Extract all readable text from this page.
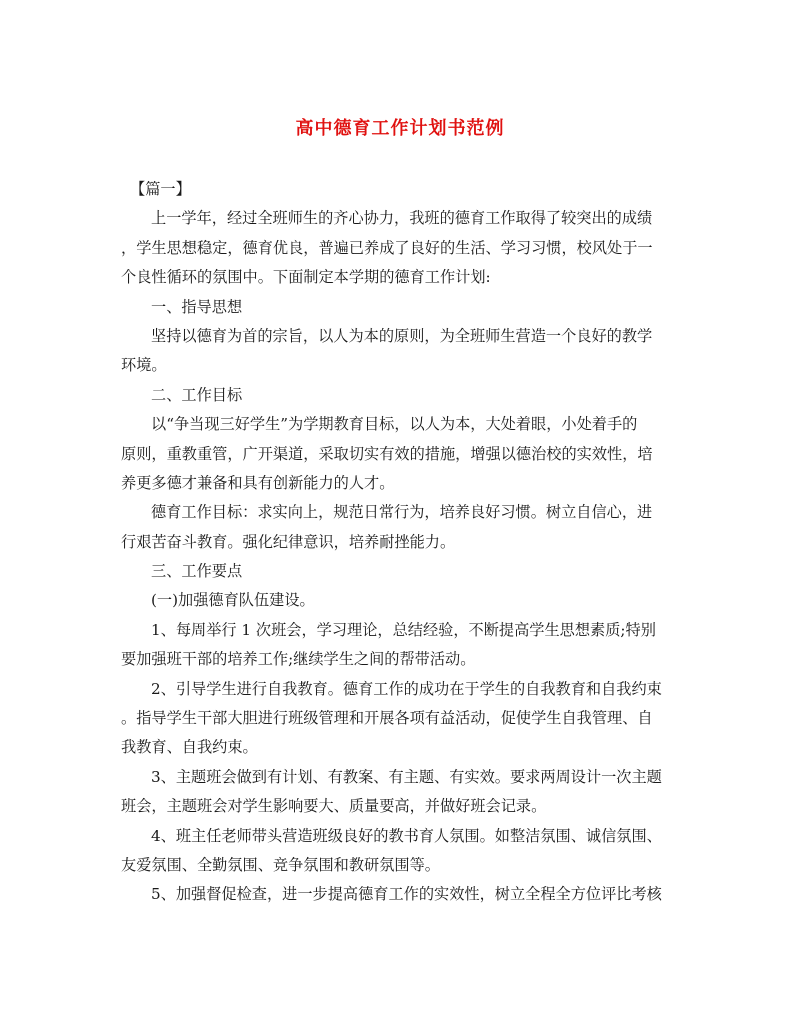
高中德育工作计划书范例
【篇一】
上一学年，经过全班师生的齐心协力，我班的德育工作取得了较突出的成绩
，学生思想稳定，德育优良，普遍已养成了良好的生活、学习习惯，校风处于一
个良性循环的氛围中。下面制定本学期的德育工作计划:
一、指导思想
坚持以德育为首的宗旨，以人为本的原则，为全班师生营造一个良好的教学
环境。
二、工作目标
以“争当现三好学生”为学期教育目标，以人为本，大处着眼，小处着手的
原则，重教重管，广开渠道，采取切实有效的措施，增强以德治校的实效性，培
养更多德才兼备和具有创新能力的人才。
德育工作目标：求实向上，规范日常行为，培养良好习惯。树立自信心，进
行艰苦奋斗教育。强化纪律意识，培养耐挫能力。
三、工作要点
(一)加强德育队伍建设。
1、每周举行 1 次班会，学习理论，总结经验，不断提高学生思想素质;特别
要加强班干部的培养工作;继续学生之间的帮带活动。
2、引导学生进行自我教育。德育工作的成功在于学生的自我教育和自我约束
。指导学生干部大胆进行班级管理和开展各项有益活动，促使学生自我管理、自
我教育、自我约束。
3、主题班会做到有计划、有教案、有主题、有实效。要求两周设计一次主题
班会，主题班会对学生影响要大、质量要高，并做好班会记录。
4、班主任老师带头营造班级良好的教书育人氛围。如整洁氛围、诚信氛围、
友爱氛围、全勤氛围、竞争氛围和教研氛围等。
5、加强督促检查，进一步提高德育工作的实效性，树立全程全方位评比考核
